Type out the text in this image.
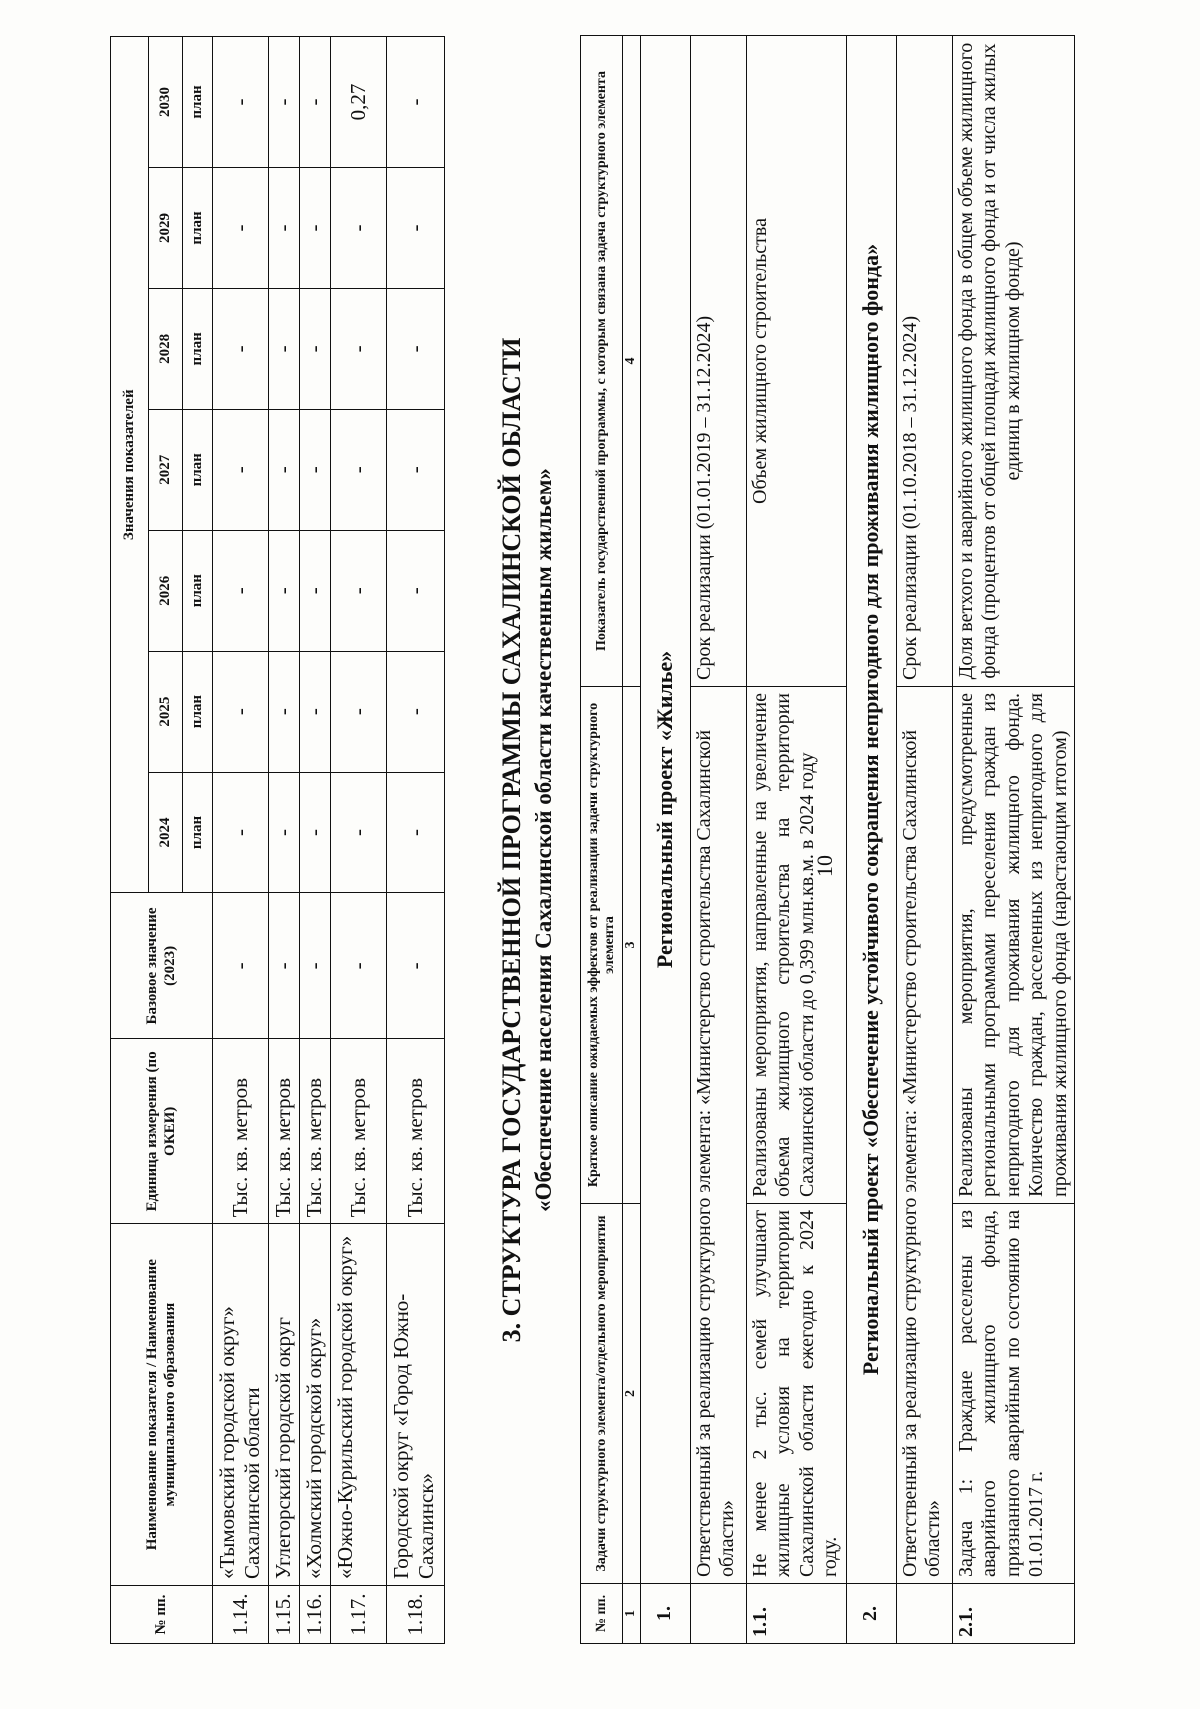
10
№ пп.	Наименование показателя / Наименование муниципального образования	Единица измерения (по ОКЕИ)	Базовое значение (2023)	Значения показателей						
				2024	2025	2026	2027	2028	2029	2030
				план	план	план	план	план	план	план
1.14.	«Тымовский городской округ» Сахалинской области	Тыс. кв. метров	-	-	-	-	-	-	-	-
1.15.	Углегорский городской округ	Тыс. кв. метров	-	-	-	-	-	-	-	-
1.16.	«Холмский городской округ»	Тыс. кв. метров	-	-	-	-	-	-	-	-
1.17.	«Южно-Курильский городской округ»	Тыс. кв. метров	-	-	-	-	-	-	-	0,27
1.18.	Городской округ «Город Южно-Сахалинск»	Тыс. кв. метров	-	-	-	-	-	-	-	-
3. СТРУКТУРА ГОСУДАРСТВЕННОЙ ПРОГРАММЫ САХАЛИНСКОЙ ОБЛАСТИ «Обеспечение населения Сахалинской области качественным жильем»
№ пп.	Задачи структурного элемента/отдельного мероприятия	Краткое описание ожидаемых эффектов от реализации задачи структурного элемента	Показатель государственной программы, с которым связана задача структурного элемента
1	2	3	4
1.	Региональный проект «Жилье»		
	Ответственный за реализацию структурного элемента: «Министерство строительства Сахалинской области»		Срок реализации (01.01.2019 – 31.12.2024)
1.1.	Не менее 2 тыс. семей улучшают жилищные условия на территории Сахалинской области ежегодно к 2024 году.	Реализованы мероприятия, направленные на увеличение объема жилищного строительства на территории Сахалинской области до 0,399 млн.кв.м. в 2024 году	Объем жилищного строительства
2.	Региональный проект «Обеспечение устойчивого сокращения непригодного для проживания жилищного фонда»		
	Ответственный за реализацию структурного элемента: «Министерство строительства Сахалинской области»		Срок реализации (01.10.2018 – 31.12.2024)
2.1.	Задача 1: Граждане расселены из аварийного жилищного фонда, признанного аварийным по состоянию на 01.01.2017 г.	Реализованы мероприятия, предусмотренные региональными программами переселения граждан из непригодного для проживания жилищного фонда. Количество граждан, расселенных из непригодного для проживания жилищного фонда (нарастающим итогом)	Доля ветхого и аварийного жилищного фонда в общем объеме жилищного фонда (процентов от общей площади жилищного фонда и от числа жилых единиц в жилищном фонде)
